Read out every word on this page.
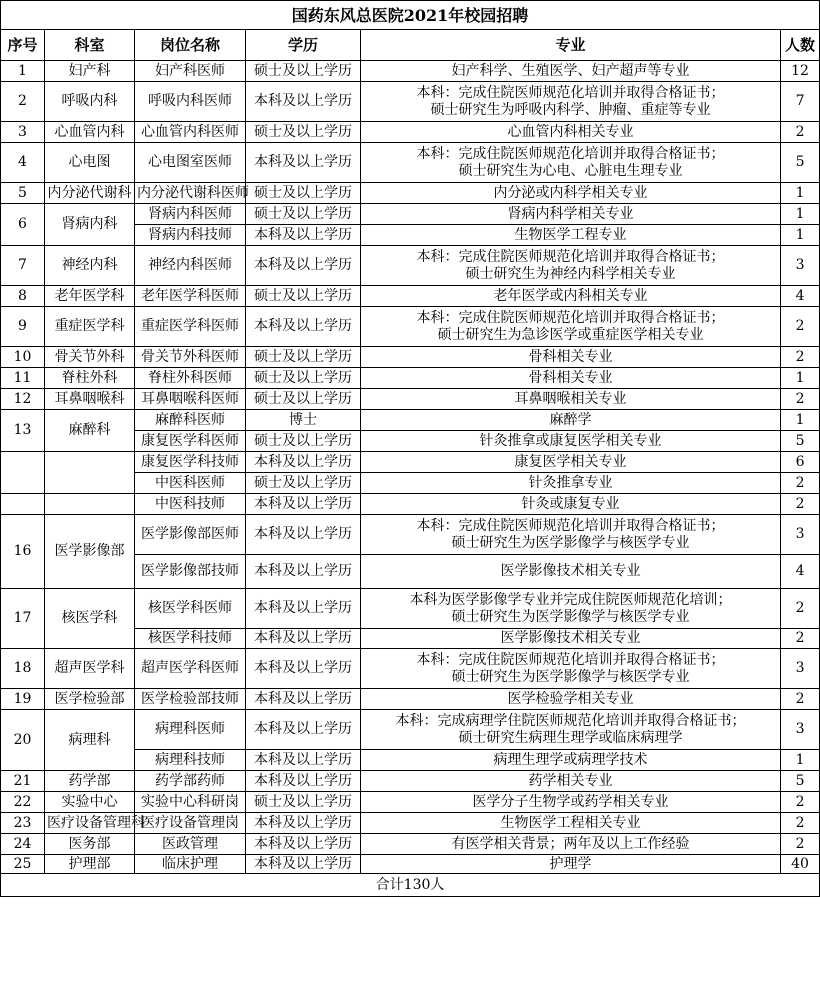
国药东风总医院2021年校园招聘					
序号	科室	岗位名称	学历	专业	人数
1	妇产科	妇产科医师	硕士及以上学历	妇产科学、生殖医学、妇产超声等专业	12
2	呼吸内科	呼吸内科医师	本科及以上学历	本科：完成住院医师规范化培训并取得合格证书；
硕士研究生为呼吸内科学、肿瘤、重症等专业	7
3	心血管内科	心血管内科医师	硕士及以上学历	心血管内科相关专业	2
4	心电图	心电图室医师	本科及以上学历	本科：完成住院医师规范化培训并取得合格证书；
硕士研究生为心电、心脏电生理专业	5
5	内分泌代谢科	内分泌代谢科医师	硕士及以上学历	内分泌或内科学相关专业	1
6	肾病内科	肾病内科医师	硕士及以上学历	肾病内科学相关专业	1
		肾病内科技师	本科及以上学历	生物医学工程专业	1
7	神经内科	神经内科医师	本科及以上学历	本科：完成住院医师规范化培训并取得合格证书；
硕士研究生为神经内科学相关专业	3
8	老年医学科	老年医学科医师	硕士及以上学历	老年医学或内科相关专业	4
9	重症医学科	重症医学科医师	本科及以上学历	本科：完成住院医师规范化培训并取得合格证书；
硕士研究生为急诊医学或重症医学相关专业	2
10	骨关节外科	骨关节外科医师	硕士及以上学历	骨科相关专业	2
11	脊柱外科	脊柱外科医师	硕士及以上学历	骨科相关专业	1
12	耳鼻咽喉科	耳鼻咽喉科医师	硕士及以上学历	耳鼻咽喉相关专业	2
13	麻醉科	麻醉科医师	博士	麻醉学	1
		康复医学科医师	硕士及以上学历	针灸推拿或康复医学相关专业	5
		康复医学科技师	本科及以上学历	康复医学相关专业	6
		中医科医师	硕士及以上学历	针灸推拿专业	2
		中医科技师	本科及以上学历	针灸或康复专业	2
16	医学影像部	医学影像部医师	本科及以上学历	本科：完成住院医师规范化培训并取得合格证书；
硕士研究生为医学影像学与核医学专业	3
		医学影像部技师	本科及以上学历	医学影像技术相关专业	4
17	核医学科	核医学科医师	本科及以上学历	本科为医学影像学专业并完成住院医师规范化培训；
硕士研究生为医学影像学与核医学专业	2
		核医学科技师	本科及以上学历	医学影像技术相关专业	2
18	超声医学科	超声医学科医师	本科及以上学历	本科：完成住院医师规范化培训并取得合格证书；
硕士研究生为医学影像学与核医学专业	3
19	医学检验部	医学检验部技师	本科及以上学历	医学检验学相关专业	2
20	病理科	病理科医师	本科及以上学历	本科：完成病理学住院医师规范化培训并取得合格证书；
硕士研究生病理生理学或临床病理学	3
		病理科技师	本科及以上学历	病理生理学或病理学技术	1
21	药学部	药学部药师	本科及以上学历	药学相关专业	5
22	实验中心	实验中心科研岗	硕士及以上学历	医学分子生物学或药学相关专业	2
23	医疗设备管理科	医疗设备管理岗	本科及以上学历	生物医学工程相关专业	2
24	医务部	医政管理	本科及以上学历	有医学相关背景；两年及以上工作经验	2
25	护理部	临床护理	本科及以上学历	护理学	40
合计130人					
